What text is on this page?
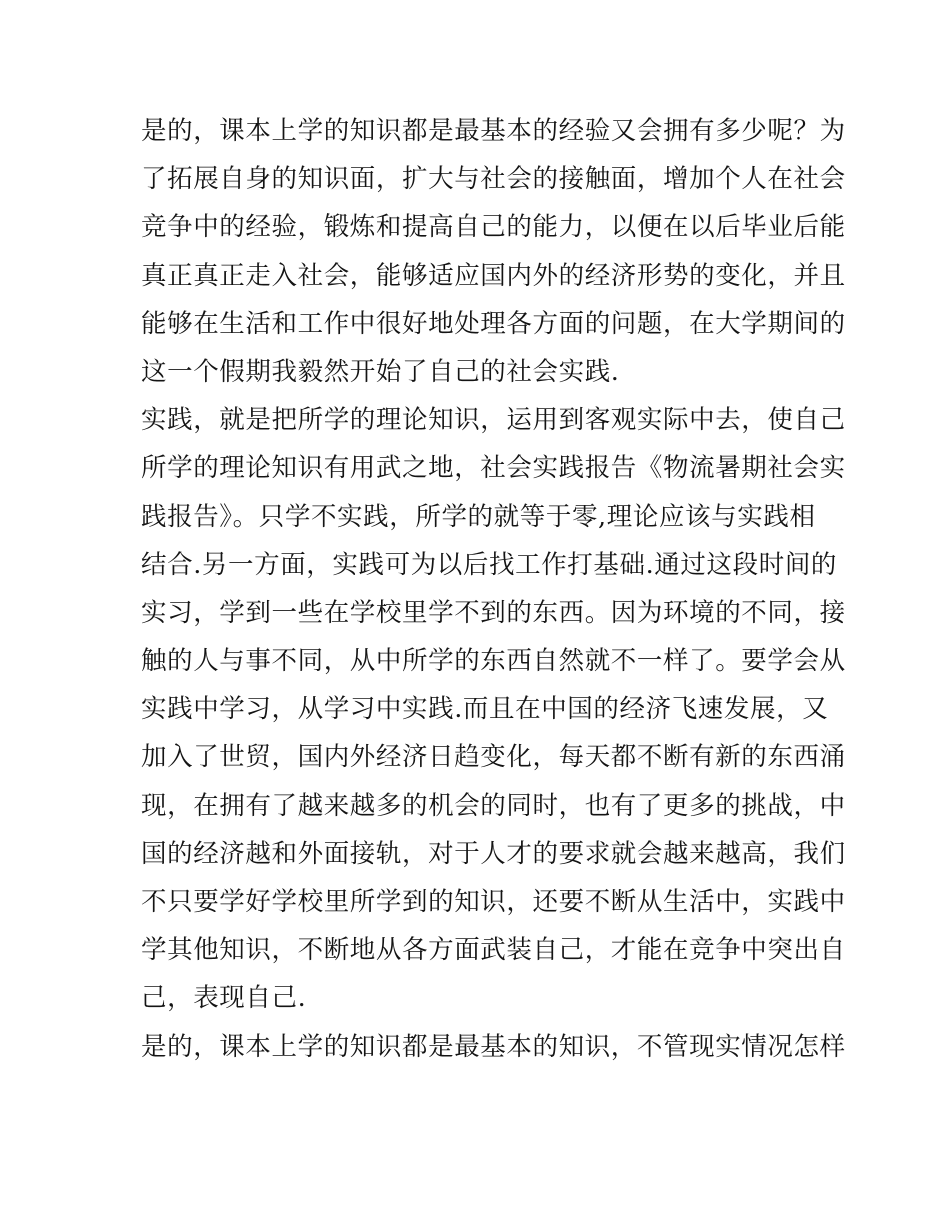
是的，课本上学的知识都是最基本的经验又会拥有多少呢？为
了拓展自身的知识面，扩大与社会的接触面，增加个人在社会
竞争中的经验，锻炼和提高自己的能力，以便在以后毕业后能
真正真正走入社会，能够适应国内外的经济形势的变化，并且
能够在生活和工作中很好地处理各方面的问题，在大学期间的
这一个假期我毅然开始了自己的社会实践.
实践，就是把所学的理论知识，运用到客观实际中去，使自己
所学的理论知识有用武之地，社会实践报告《物流暑期社会实
践报告》。只学不实践，所学的就等于零,理论应该与实践相
结合.另一方面，实践可为以后找工作打基础.通过这段时间的
实习，学到一些在学校里学不到的东西。因为环境的不同，接
触的人与事不同，从中所学的东西自然就不一样了。要学会从
实践中学习，从学习中实践.而且在中国的经济飞速发展，又
加入了世贸，国内外经济日趋变化，每天都不断有新的东西涌
现，在拥有了越来越多的机会的同时，也有了更多的挑战，中
国的经济越和外面接轨，对于人才的要求就会越来越高，我们
不只要学好学校里所学到的知识，还要不断从生活中，实践中
学其他知识，不断地从各方面武装自己，才能在竞争中突出自
己，表现自己.
是的，课本上学的知识都是最基本的知识，不管现实情况怎样
